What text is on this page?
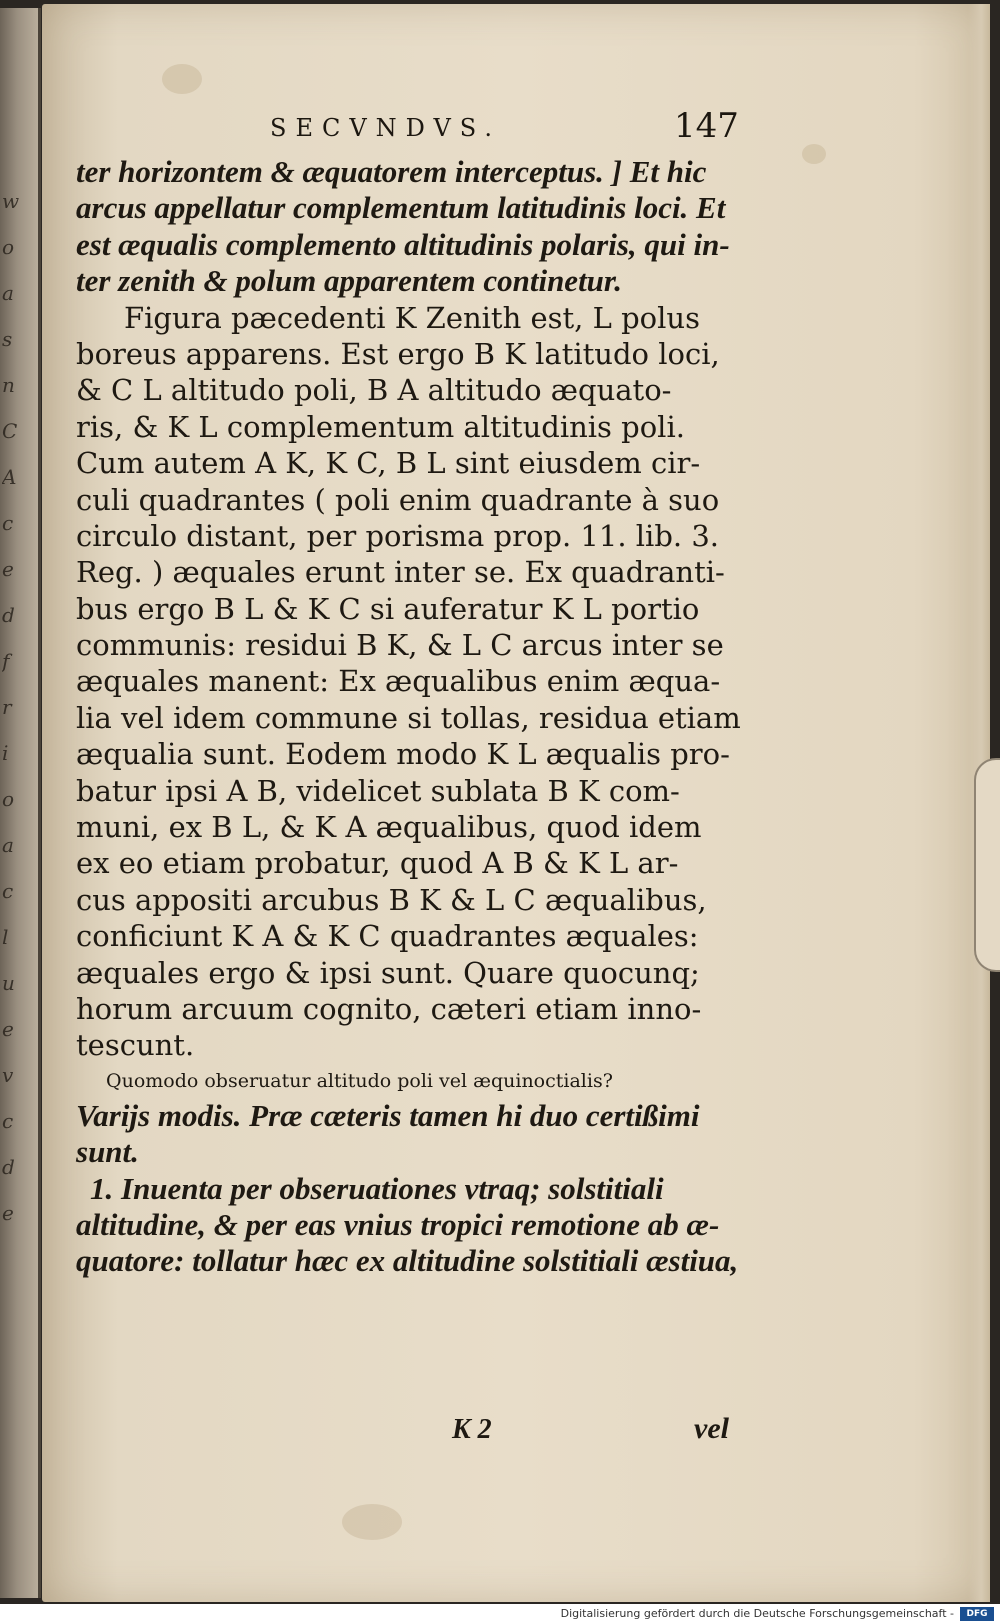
w
o
a
s
n
C
A
c
e
d
f
r
i
o
a
c
l
u
e
v
c
d
e
SECVNDVS.	147
ter horizontem & æquatorem interceptus. ] Et hic
arcus appellatur complementum latitudinis loci. Et
est æqualis complemento altitudinis polaris, qui in-
ter zenith & polum apparentem continetur.
Figura pæcedenti K Zenith est, L polus
boreus apparens. Est ergo B K latitudo loci,
& C L altitudo poli, B A altitudo æquato-
ris, & K L complementum altitudinis poli.
Cum autem A K, K C, B L sint eiusdem cir-
culi quadrantes ( poli enim quadrante à suo
circulo distant, per porisma prop. 11. lib. 3.
Reg. ) æquales erunt inter se. Ex quadranti-
bus ergo B L & K C si auferatur K L portio
communis: residui B K, & L C arcus inter se
æquales manent: Ex æqualibus enim æqua-
lia vel idem commune si tollas, residua etiam
æqualia sunt. Eodem modo K L æqualis pro-
batur ipsi A B, videlicet sublata B K com-
muni, ex B L, & K A æqualibus, quod idem
ex eo etiam probatur, quod A B & K L ar-
cus appositi arcubus B K & L C æqualibus,
conficiunt K A & K C quadrantes æquales:
æquales ergo & ipsi sunt. Quare quocunq;
horum arcuum cognito, cæteri etiam inno-
tescunt.
Quomodo obseruatur altitudo poli vel æquinoctialis?
Varijs modis. Præ cæteris tamen hi duo certißimi
sunt.
1. Inuenta per obseruationes vtraq; solstitiali
altitudine, & per eas vnius tropici remotione ab æ-
quatore: tollatur hæc ex altitudine solstitiali æstiua,
K 2	vel
Digitalisierung gefördert durch die Deutsche Forschungsgemeinschaft -	DFG
